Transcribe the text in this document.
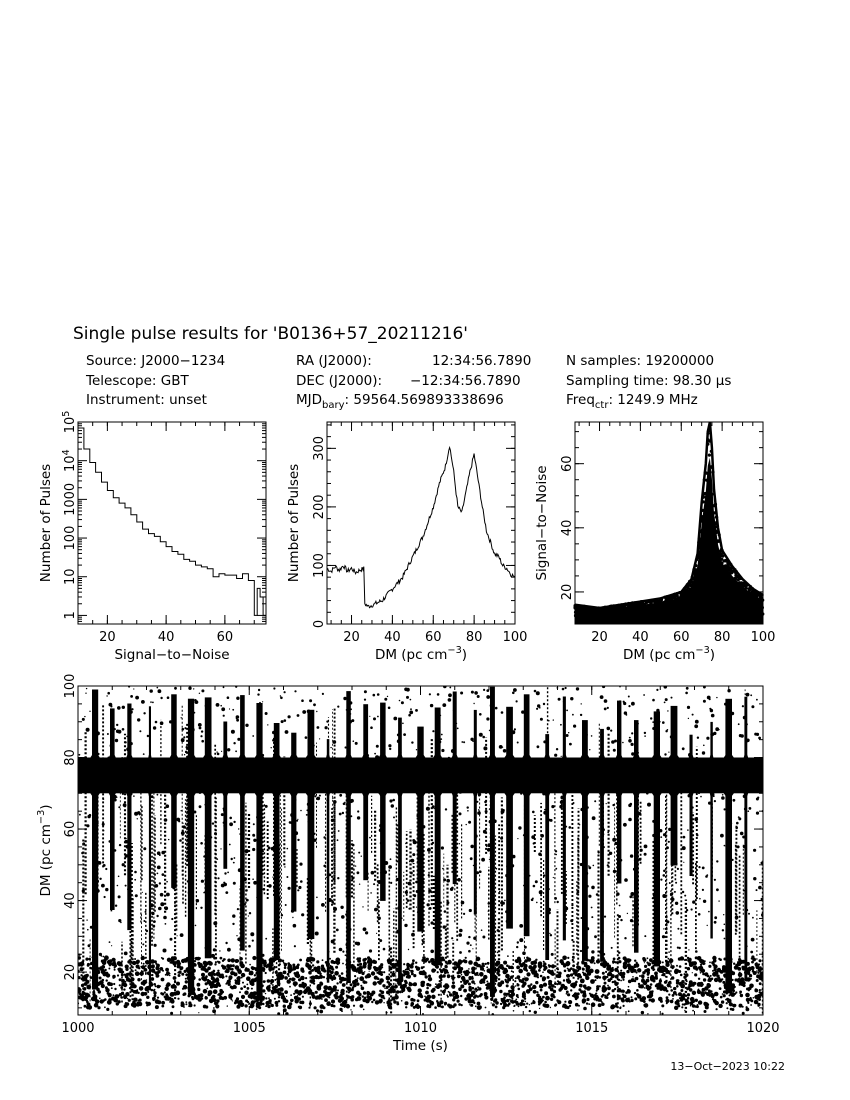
Single pulse results for 'B0136+57_20211216'
Source: J2000−1234
Telescope: GBT
Instrument: unset
RA (J2000):	12:34:56.7890
DEC (J2000): −12:34:56.7890
$MJD_{bary}$: 59564.569893338696
N samples: 19200000
Sampling time: 98.30 μs
Freq$_{ctr}$: 1249.9 MHz
20	40	60
1
10
100
1000
$10^4$
$10^5$
Signal−to−Noise
Number of Pulses
20 40 60 80 100
0
100
200
300
DM (pc $cm^{-3}$)
Number of Pulses
20 40 60 80 100
20
40
60
DM (pc $cm^{-3}$)
Signal−to−Noise
1000	1005	1010	1015	1020
20
40
60
80
100
Time (s)
DM (pc $cm^{-3}$)
13−Oct−2023 10:22
